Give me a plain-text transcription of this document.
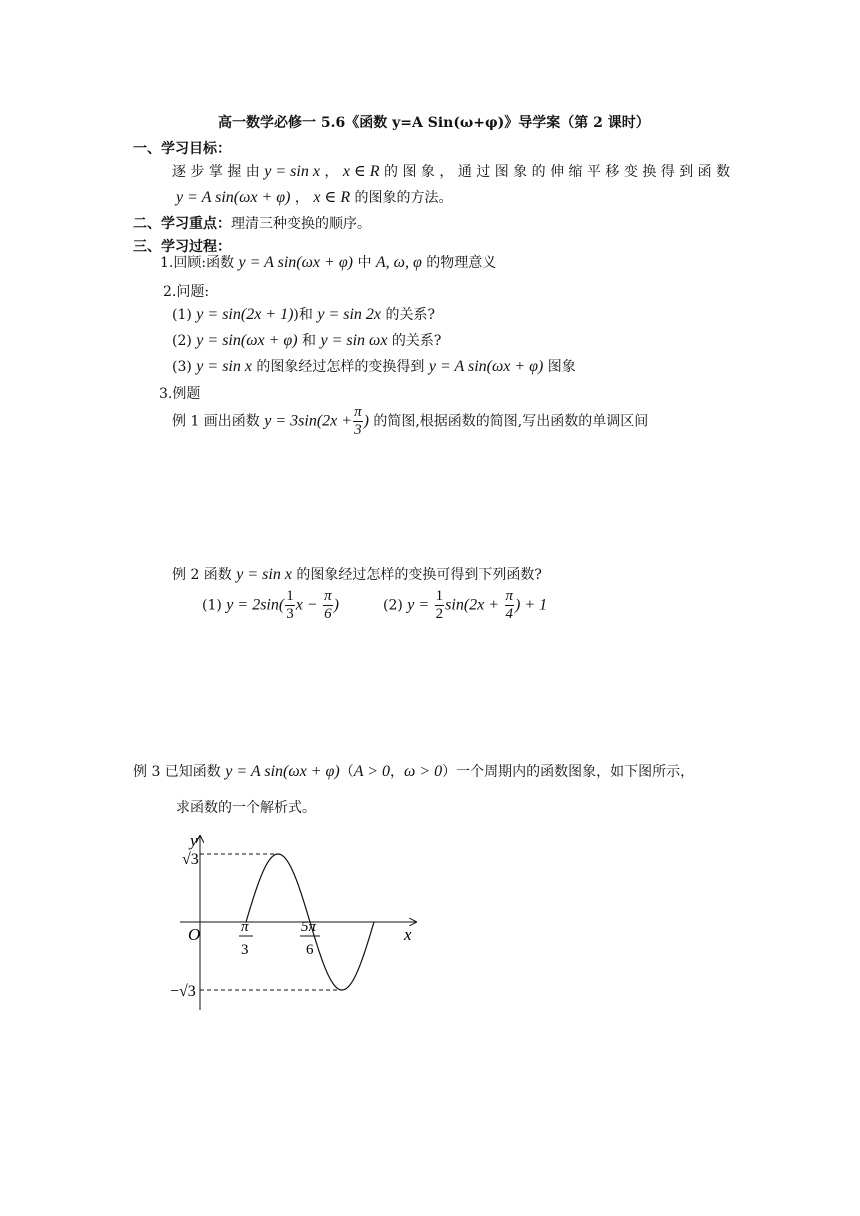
高一数学必修一 5.6《函数 y=A Sin(ω+φ)》导学案（第 2 课时）
一、学习目标：
逐 步 掌 握 由 y = sin x ， x ∈ R 的 图 象 ， 通 过 图 象 的 伸 缩 平 移 变 换 得 到 函 数
y = A sin(ωx + φ) ， x ∈ R 的图象的方法。
二、学习重点：理清三种变换的顺序。
三、学习过程：
1.回顾:函数 y = A sin(ωx + φ) 中 A, ω, φ 的物理意义
2.问题:
(1) y = sin(2x + 1))和 y = sin 2x 的关系?
(2) y = sin(ωx + φ) 和 y = sin ωx 的关系?
(3) y = sin x 的图象经过怎样的变换得到 y = A sin(ωx + φ) 图象
3.例题
例 1 画出函数 $y = 3\sin(2x + \frac{\pi}{3}$ ) 的简图,根据函数的简图,写出函数的单调区间
例 2 函数 y = sin x 的图象经过怎样的变换可得到下列函数?
(1) $y = 2\sin( \frac{1}{3}$ $x - \frac{\pi}{6}$ )	(2) $y = \frac{1}{2} \sin(2x + \frac{\pi}{4}$ ) + 1
例 3 已知函数 y = A sin(ωx + φ)（A > 0，ω > 0）一个周期内的函数图象，如下图所示，
求函数的一个解析式。
y
x
O
√3
−√3
π
3
5π
6
